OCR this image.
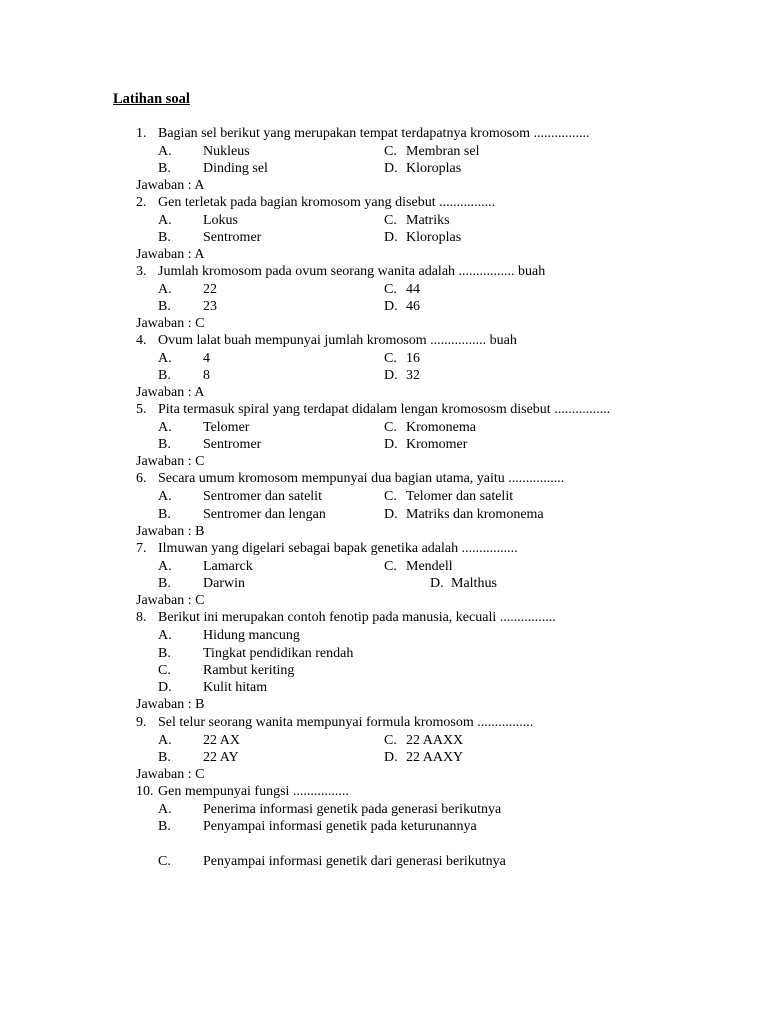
Latihan soal
1. Bagian sel berikut yang merupakan tempat terdapatnya kromosom ................
A. Nukleus	C. Membran sel
B. Dinding sel	D. Kloroplas
Jawaban : A
2. Gen terletak pada bagian kromosom yang disebut ................
A. Lokus	C. Matriks
B. Sentromer	D. Kloroplas
Jawaban : A
3. Jumlah kromosom pada ovum seorang wanita adalah ................ buah
A. 22	C. 44
B. 23	D. 46
Jawaban : C
4. Ovum lalat buah mempunyai jumlah kromosom ................ buah
A. 4	C. 16
B. 8	D. 32
Jawaban : A
5. Pita termasuk spiral yang terdapat didalam lengan kromososm disebut ................
A. Telomer	C. Kromonema
B. Sentromer	D. Kromomer
Jawaban : C
6. Secara umum kromosom mempunyai dua bagian utama, yaitu ................
A. Sentromer dan satelit	C. Telomer dan satelit
B. Sentromer dan lengan	D. Matriks dan kromonema
Jawaban : B
7. Ilmuwan yang digelari sebagai bapak genetika adalah ................
A. Lamarck	C. Mendell
B. Darwin	D. Malthus
Jawaban : C
8. Berikut ini merupakan contoh fenotip pada manusia, kecuali ................
A. Hidung mancung
B. Tingkat pendidikan rendah
C. Rambut keriting
D. Kulit hitam
Jawaban : B
9. Sel telur seorang wanita mempunyai formula kromosom ................
A. 22 AX	C. 22 AAXX
B. 22 AY	D. 22 AAXY
Jawaban : C
10. Gen mempunyai fungsi ................
A. Penerima informasi genetik pada generasi berikutnya
B. Penyampai informasi genetik pada keturunannya
C. Penyampai informasi genetik dari generasi berikutnya
